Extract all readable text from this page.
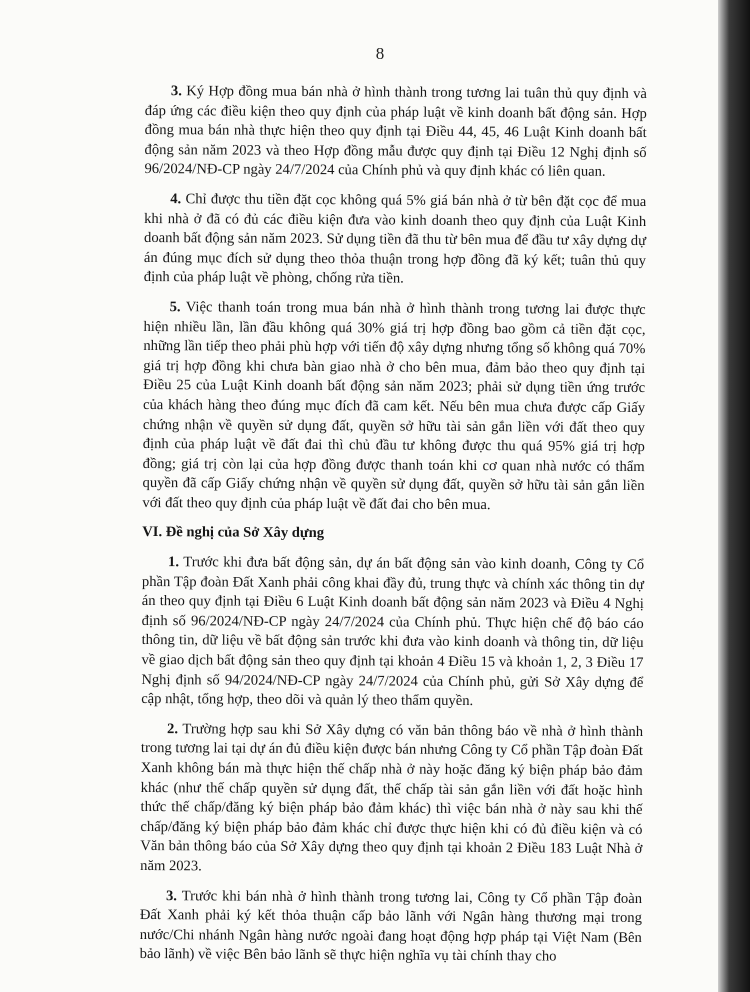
8

3. Ký Hợp đồng mua bán nhà ở hình thành trong tương lai tuân thủ quy định và đáp ứng các điều kiện theo quy định của pháp luật về kinh doanh bất động sản. Hợp đồng mua bán nhà thực hiện theo quy định tại Điều 44, 45, 46 Luật Kinh doanh bất động sản năm 2023 và theo Hợp đồng mẫu được quy định tại Điều 12 Nghị định số 96/2024/NĐ-CP ngày 24/7/2024 của Chính phủ và quy định khác có liên quan.

4. Chỉ được thu tiền đặt cọc không quá 5% giá bán nhà ở từ bên đặt cọc để mua khi nhà ở đã có đủ các điều kiện đưa vào kinh doanh theo quy định của Luật Kinh doanh bất động sản năm 2023. Sử dụng tiền đã thu từ bên mua để đầu tư xây dựng dự án đúng mục đích sử dụng theo thỏa thuận trong hợp đồng đã ký kết; tuân thủ quy định của pháp luật về phòng, chống rửa tiền.

5. Việc thanh toán trong mua bán nhà ở hình thành trong tương lai được thực hiện nhiều lần, lần đầu không quá 30% giá trị hợp đồng bao gồm cả tiền đặt cọc, những lần tiếp theo phải phù hợp với tiến độ xây dựng nhưng tổng số không quá 70% giá trị hợp đồng khi chưa bàn giao nhà ở cho bên mua, đảm bảo theo quy định tại Điều 25 của Luật Kinh doanh bất động sản năm 2023; phải sử dụng tiền ứng trước của khách hàng theo đúng mục đích đã cam kết. Nếu bên mua chưa được cấp Giấy chứng nhận về quyền sử dụng đất, quyền sở hữu tài sản gắn liền với đất theo quy định của pháp luật về đất đai thì chủ đầu tư không được thu quá 95% giá trị hợp đồng; giá trị còn lại của hợp đồng được thanh toán khi cơ quan nhà nước có thẩm quyền đã cấp Giấy chứng nhận về quyền sử dụng đất, quyền sở hữu tài sản gắn liền với đất theo quy định của pháp luật về đất đai cho bên mua.

VI. Đề nghị của Sở Xây dựng

1. Trước khi đưa bất động sản, dự án bất động sản vào kinh doanh, Công ty Cổ phần Tập đoàn Đất Xanh phải công khai đầy đủ, trung thực và chính xác thông tin dự án theo quy định tại Điều 6 Luật Kinh doanh bất động sản năm 2023 và Điều 4 Nghị định số 96/2024/NĐ-CP ngày 24/7/2024 của Chính phủ. Thực hiện chế độ báo cáo thông tin, dữ liệu về bất động sản trước khi đưa vào kinh doanh và thông tin, dữ liệu về giao dịch bất động sản theo quy định tại khoản 4 Điều 15 và khoản 1, 2, 3 Điều 17 Nghị định số 94/2024/NĐ-CP ngày 24/7/2024 của Chính phủ, gửi Sở Xây dựng để cập nhật, tổng hợp, theo dõi và quản lý theo thẩm quyền.

2. Trường hợp sau khi Sở Xây dựng có văn bản thông báo về nhà ở hình thành trong tương lai tại dự án đủ điều kiện được bán nhưng Công ty Cổ phần Tập đoàn Đất Xanh không bán mà thực hiện thế chấp nhà ở này hoặc đăng ký biện pháp bảo đảm khác (như thế chấp quyền sử dụng đất, thế chấp tài sản gắn liền với đất hoặc hình thức thế chấp/đăng ký biện pháp bảo đảm khác) thì việc bán nhà ở này sau khi thế chấp/đăng ký biện pháp bảo đảm khác chỉ được thực hiện khi có đủ điều kiện và có Văn bản thông báo của Sở Xây dựng theo quy định tại khoản 2 Điều 183 Luật Nhà ở năm 2023.

3. Trước khi bán nhà ở hình thành trong tương lai, Công ty Cổ phần Tập đoàn Đất Xanh phải ký kết thỏa thuận cấp bảo lãnh với Ngân hàng thương mại trong nước/Chi nhánh Ngân hàng nước ngoài đang hoạt động hợp pháp tại Việt Nam (Bên bảo lãnh) về việc Bên bảo lãnh sẽ thực hiện nghĩa vụ tài chính thay cho
